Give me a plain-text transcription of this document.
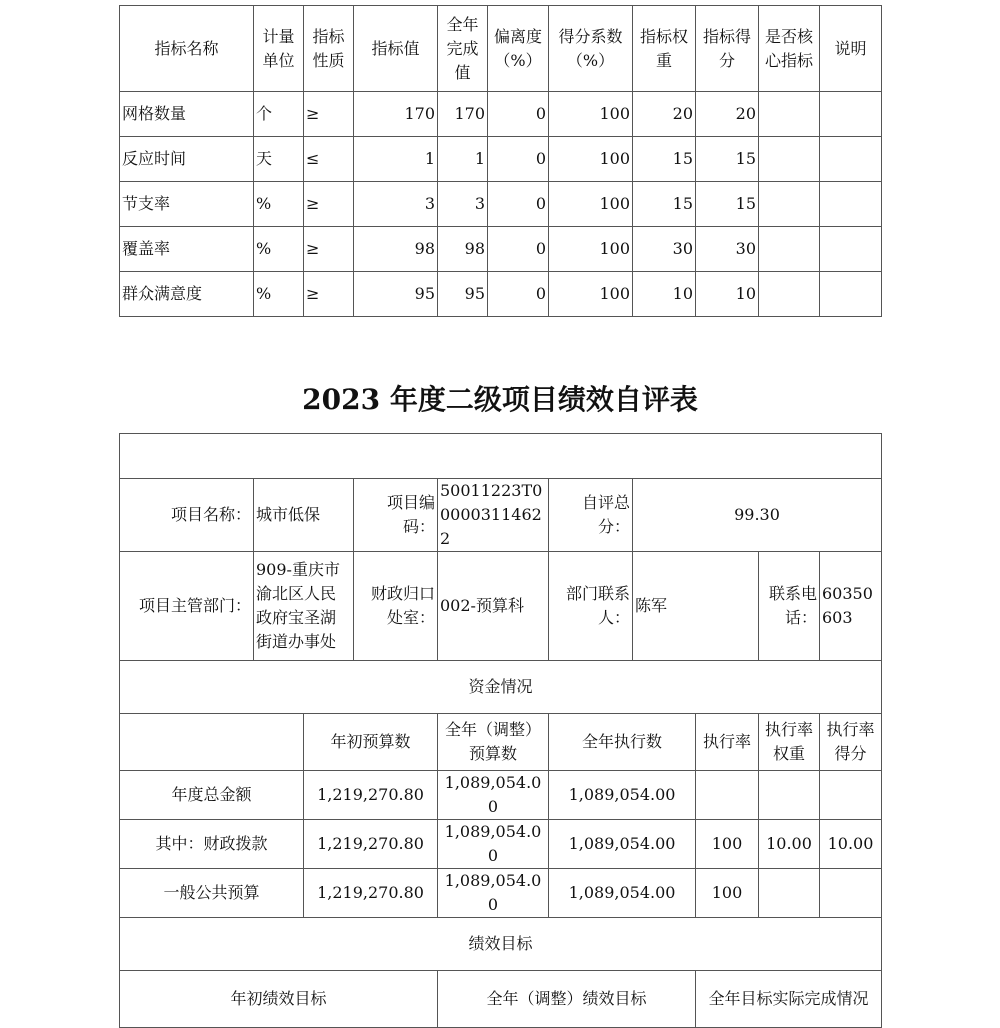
指标名称	计量单位	指标性质	指标值	全年完成值	偏离度（%）	得分系数（%）	指标权重	指标得分	是否核心指标	说明
网格数量	个	≥	170	170	0	100	20	20		
反应时间	天	≤	1	1	0	100	15	15		
节支率	%	≥	3	3	0	100	15	15		
覆盖率	%	≥	98	98	0	100	30	30		
群众满意度	%	≥	95	95	0	100	10	10		
2023 年度二级项目绩效自评表

项目名称：	城市低保		项目编码：	50011223T000003114622	自评总分：	99.30			
项目主管部门：	909-重庆市渝北区人民政府宝圣湖街道办事处		财政归口处室：	002-预算科	部门联系人：	陈军		联系电话：	60350603
资金情况									
		年初预算数		全年（调整）预算数	全年执行数		执行率	执行率权重	执行率得分
年度总金额		1,219,270.80		1,089,054.00	1,089,054.00				
其中：财政拨款		1,219,270.80		1,089,054.00	1,089,054.00		100	10.00	10.00
一般公共预算		1,219,270.80		1,089,054.00	1,089,054.00		100		
绩效目标									
年初绩效目标				全年（调整）绩效目标			全年目标实际完成情况		
